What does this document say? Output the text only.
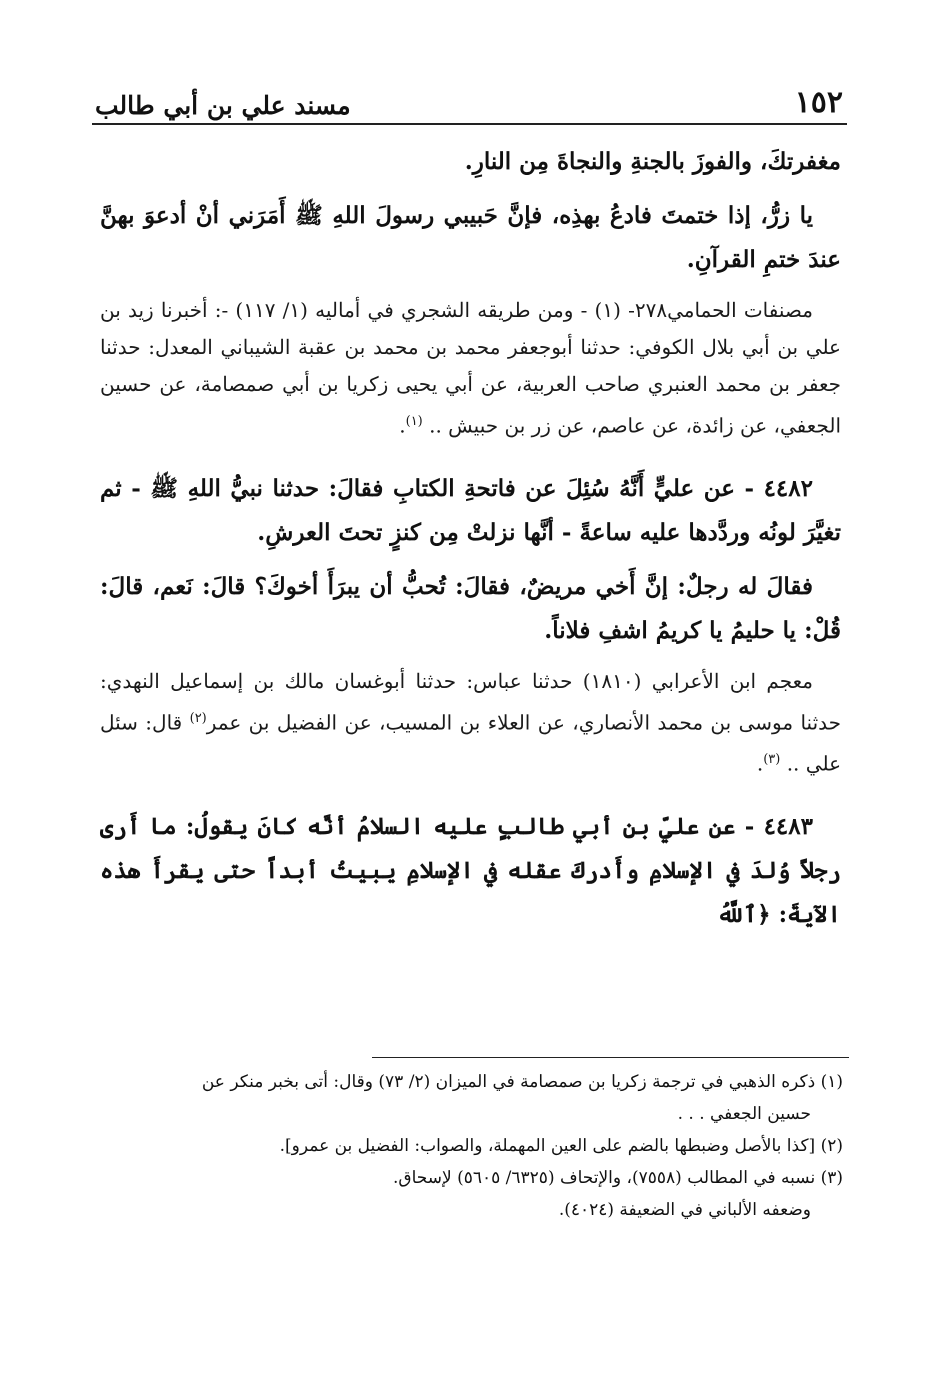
١٥٢
مسند علي بن أبي طالب

مغفرتكَ، والفوزَ بالجنةِ والنجاةَ مِن النارِ.

يا زرُّ، إذا ختمتَ فادعُ بهذِه، فإنَّ حَبيبي رسولَ اللهِ ﷺ أَمَرَني أنْ أدعوَ بهنَّ عندَ ختمِ القرآنِ.

مصنفات الحمامي٢٧٨- (١) - ومن طريقه الشجري في أماليه (١/ ١١٧) -: أخبرنا زيد بن علي بن أبي بلال الكوفي: حدثنا أبوجعفر محمد بن محمد بن عقبة الشيباني المعدل: حدثنا جعفر بن محمد العنبري صاحب العربية، عن أبي يحيى زكريا بن أبي صمصامة، عن حسين الجعفي، عن زائدة، عن عاصم، عن زر بن حبيش .. $^{(١)}$.

٤٤٨٢ - عن عليٍّ أَنَّهُ سُئِلَ عن فاتحةِ الكتابِ فقالَ: حدثنا نبيُّ اللهِ ﷺ - ثم تغيَّرَ لونُه وردَّدها عليه ساعةً - أنَّها نزلتْ مِن كنزٍ تحتَ العرشِ.

فقالَ له رجلٌ: إنَّ أَخي مريضٌ، فقالَ: تُحبُّ أن يبرَأَ أخوكَ؟ قالَ: نَعم، قالَ: قُلْ: يا حليمُ يا كريمُ اشفِ فلاناً.

معجم ابن الأعرابي (١٨١٠) حدثنا عباس: حدثنا أبوغسان مالك بن إسماعيل النهدي: حدثنا موسى بن محمد الأنصاري، عن العلاء بن المسيب، عن الفضيل بن عمر$^{(٢)}$ قال: سئل علي .. $^{(٣)}$.

٤٤٨٣ - عن عليِّ بنِ أبي طالبٍ عليه السلامُ أنَّه كانَ يقولُ: ما أَرى رجلاً وُلدَ في الإسلامِ وأَدركَ عقله في الإسلامِ يبيتُ أبداً حتى يقرأَ هذه الآيةَ: ﴿ٱللَّهُ

(١) ذكره الذهبي في ترجمة زكريا بن صمصامة في الميزان (٢/ ٧٣) وقال: أتى بخبر منكر عن

حسين الجعفي . . .

(٢) [كذا بالأصل وضبطها بالضم على العين المهملة، والصواب: الفضيل بن عمرو].

(٣) نسبه في المطالب (٧٥٥٨)، والإتحاف (٦٣٢٥/ ٥٦٠٥) لإسحاق.

وضعفه الألباني في الضعيفة (٤٠٢٤).
